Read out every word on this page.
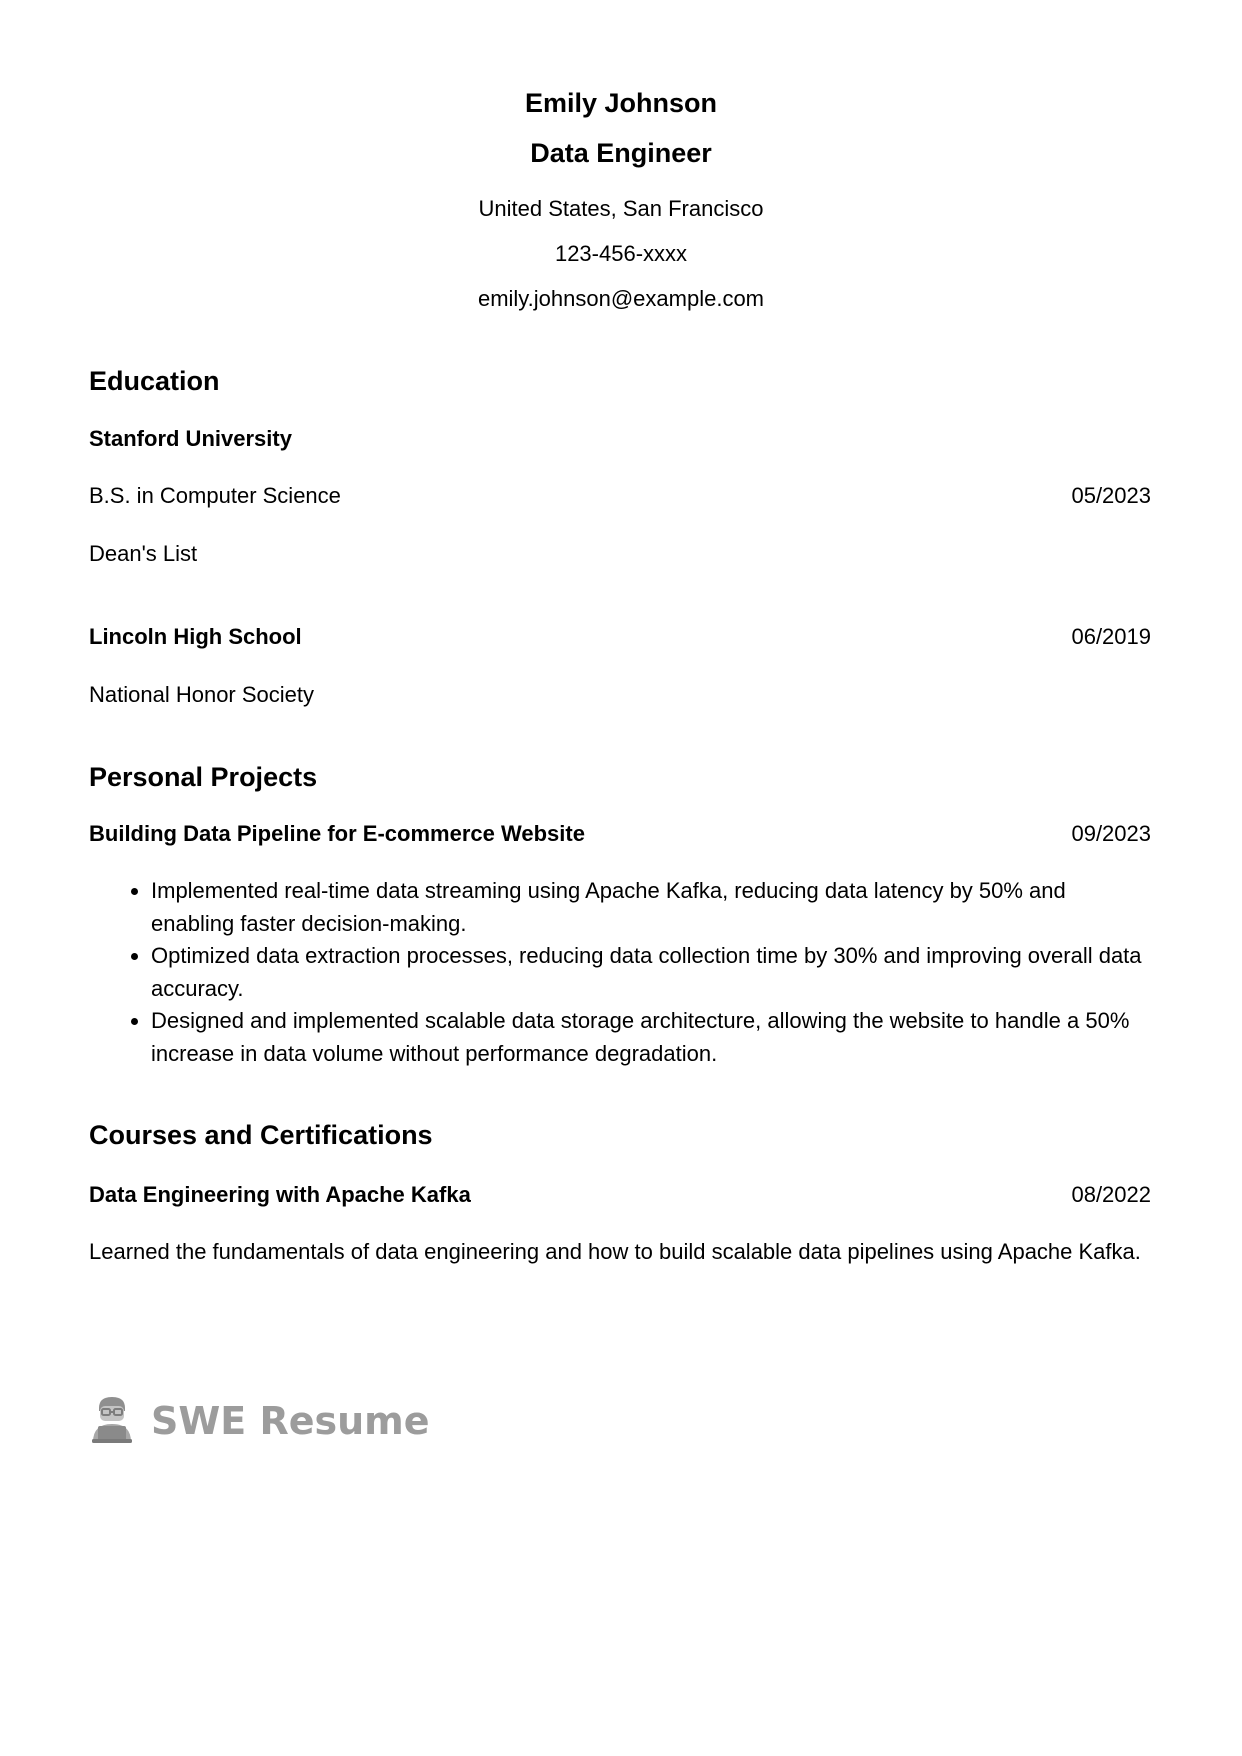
Emily Johnson
Data Engineer
United States, San Francisco
123-456-xxxx
emily.johnson@example.com
Education
Stanford University
B.S. in Computer Science	05/2023
Dean's List
Lincoln High School	06/2019
National Honor Society
Personal Projects
Building Data Pipeline for E-commerce Website	09/2023
• Implemented real-time data streaming using Apache Kafka, reducing data latency by 50% and enabling faster decision-making.
• Optimized data extraction processes, reducing data collection time by 30% and improving overall data accuracy.
• Designed and implemented scalable data storage architecture, allowing the website to handle a 50% increase in data volume without performance degradation.
Courses and Certifications
Data Engineering with Apache Kafka	08/2022
Learned the fundamentals of data engineering and how to build scalable data pipelines using Apache Kafka.
SWE Resume
